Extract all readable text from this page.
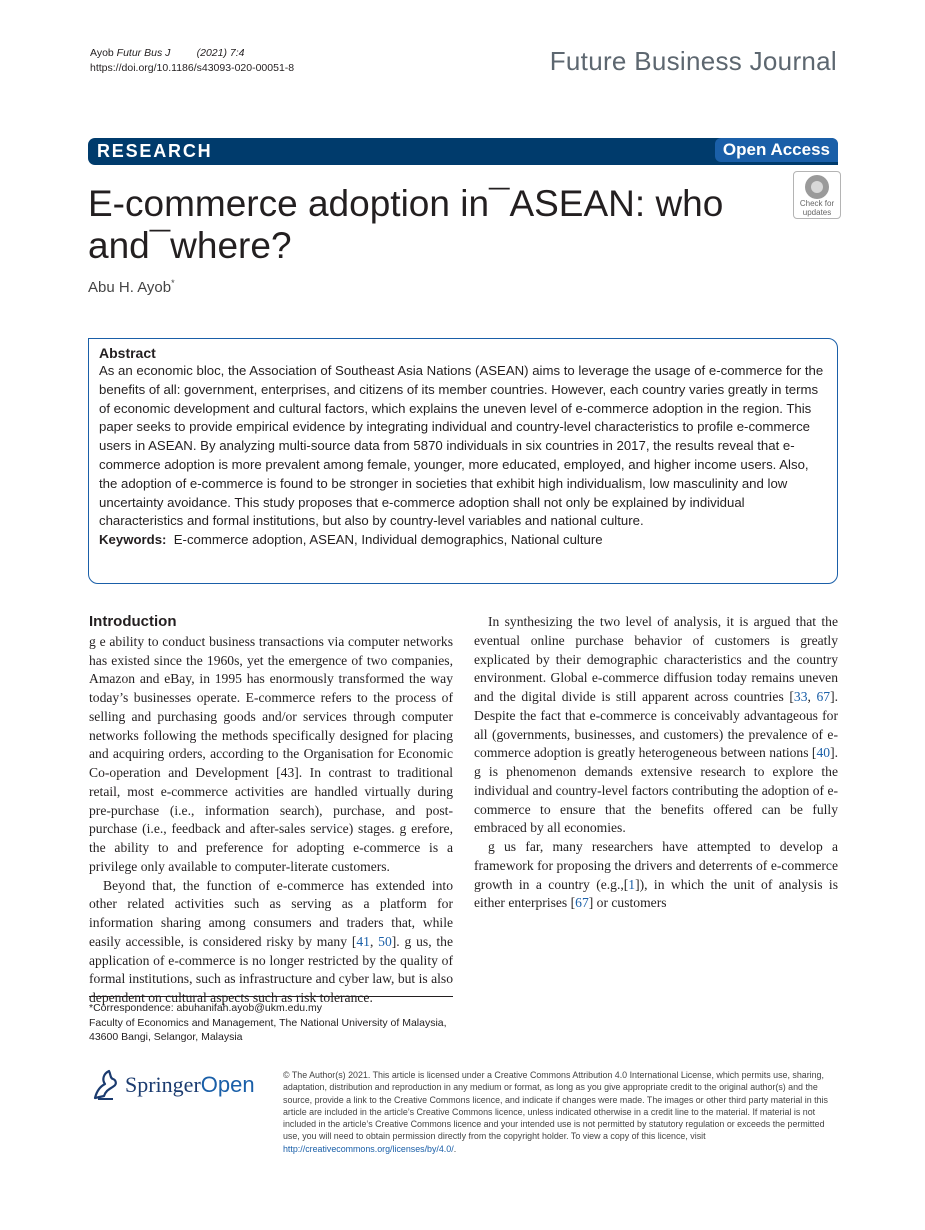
Ayob Futur Bus J	(2021) 7:4
https://doi.org/10.1186/s43093-020-00051-8	Future Business Journal
RESEARCH	Open Access
E-commerce adoption in¯ASEAN: who and¯where?
Check for
updates
Abu H. Ayob*
Abstract

As an economic bloc, the Association of Southeast Asia Nations (ASEAN) aims to leverage the usage of e-commerce for the benefits of all: government, enterprises, and citizens of its member countries. However, each country varies greatly in terms of economic development and cultural factors, which explains the uneven level of e-commerce adoption in the region. This paper seeks to provide empirical evidence by integrating individual and country-level characteristics to profile e-commerce users in ASEAN. By analyzing multi-source data from 5870 individuals in six countries in 2017, the results reveal that e-commerce adoption is more prevalent among female, younger, more educated, employed, and higher income users. Also, the adoption of e-commerce is found to be stronger in societies that exhibit high individualism, low masculinity and low uncertainty avoidance. This study proposes that e-commerce adoption shall not only be explained by individual characteristics and formal institutions, but also by country-level variables and national culture.

Keywords: E-commerce adoption, ASEAN, Individual demographics, National culture

Introduction

g e ability to conduct business transactions via computer networks has existed since the 1960s, yet the emergence of two companies, Amazon and eBay, in 1995 has enormously transformed the way today’s businesses operate. E-commerce refers to the process of selling and purchasing goods and/or services through computer networks following the methods specifically designed for placing and acquiring orders, according to the Organisation for Economic Co-operation and Development [43]. In contrast to traditional retail, most e-commerce activities are handled virtually during pre-purchase (i.e., information search), purchase, and post-purchase (i.e., feedback and after-sales service) stages. g erefore, the ability to and preference for adopting e-commerce is a privilege only available to computer-literate customers.

Beyond that, the function of e-commerce has extended into other related activities such as serving as a platform for information sharing among consumers and traders that, while easily accessible, is considered risky by many [41, 50]. g us, the application of e-commerce is no longer restricted by the quality of formal institutions, such as infrastructure and cyber law, but is also dependent on cultural aspects such as risk tolerance.

In synthesizing the two level of analysis, it is argued that the eventual online purchase behavior of customers is greatly explicated by their demographic characteristics and the country environment. Global e-commerce diffusion today remains uneven and the digital divide is still apparent across countries [33, 67]. Despite the fact that e-commerce is conceivably advantageous for all (governments, businesses, and customers) the prevalence of e-commerce adoption is greatly heterogeneous between nations [40]. g is phenomenon demands extensive research to explore the individual and country-level factors contributing the adoption of e-commerce to ensure that the benefits offered can be fully embraced by all economies.

g us far, many researchers have attempted to develop a framework for proposing the drivers and deterrents of e-commerce growth in a country (e.g.,[1]), in which the unit of analysis is either enterprises [67] or customers

*Correspondence: abuhanifah.ayob@ukm.edu.my
Faculty of Economics and Management, The National University of Malaysia, 43600 Bangi, Selangor, Malaysia
SpringerOpen	© The Author(s) 2021. This article is licensed under a Creative Commons Attribution 4.0 International License, which permits use, sharing, adaptation, distribution and reproduction in any medium or format, as long as you give appropriate credit to the original author(s) and the source, provide a link to the Creative Commons licence, and indicate if changes were made. The images or other third party material in this article are included in the article’s Creative Commons licence, unless indicated otherwise in a credit line to the material. If material is not included in the article’s Creative Commons licence and your intended use is not permitted by statutory regulation or exceeds the permitted use, you will need to obtain permission directly from the copyright holder. To view a copy of this licence, visit http://creativecommons.org/licenses/by/4.0/.
